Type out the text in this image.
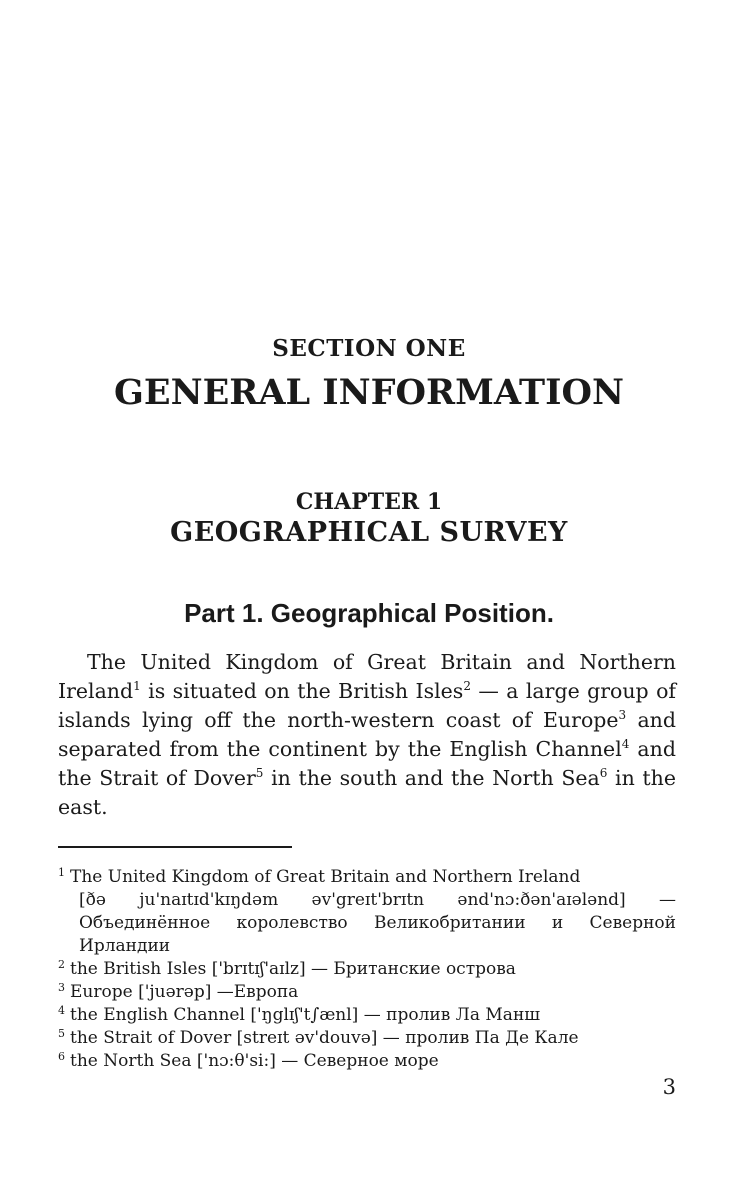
SECTION ONE
GENERAL INFORMATION
CHAPTER 1
GEOGRAPHICAL SURVEY
Part 1. Geographical Position.
The United Kingdom of Great Britain and Northern Ireland$^1$ is situated on the British Isles$^2$ — a large group of islands lying off the north-western coast of Europe$^3$ and separated from the continent by the English Channel$^4$ and the Strait of Dover$^5$ in the south and the North Sea$^6$ in the east.
$^1$ The United Kingdom of Great Britain and Northern Ireland
[ðə ju'naɪtɪd'kɪŋdəm əv'greɪt'brɪtn ənd'nɔ:ðən'aɪələnd] — Объединённое королевство Великобритании и Северной Ирландии
$^2$ the British Isles ['brɪtɪʃ'aɪlz] — Британские острова
$^3$ Europe ['juərəp] —Европа
$^4$ the English Channel ['ŋglɪʃ't∫ænl] — пролив Ла Манш
$^5$ the Strait of Dover [streɪt əv'douvə] — пролив Па Де Кале
$^6$ the North Sea ['nɔ:θ'si:] — Северное море
3
